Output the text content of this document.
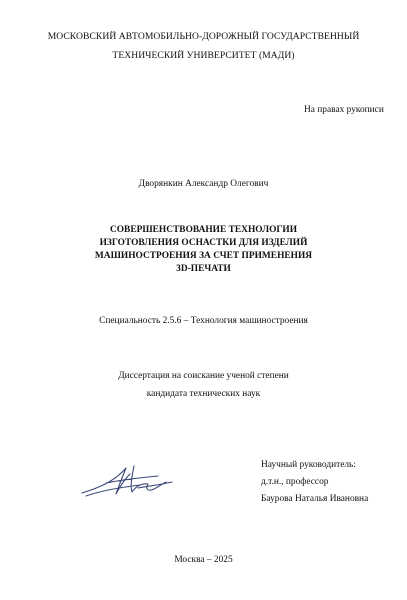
МОСКОВСКИЙ АВТОМОБИЛЬНО-ДОРОЖНЫЙ ГОСУДАРСТВЕННЫЙ
ТЕХНИЧЕСКИЙ УНИВЕРСИТЕТ (МАДИ)
На правах рукописи
Дворянкин Александр Олегович
СОВЕРШЕНСТВОВАНИЕ ТЕХНОЛОГИИ
ИЗГОТОВЛЕНИЯ ОСНАСТКИ ДЛЯ ИЗДЕЛИЙ
МАШИНОСТРОЕНИЯ ЗА СЧЕТ ПРИМЕНЕНИЯ
3D-ПЕЧАТИ
Специальность 2.5.6 – Технология машиностроения
Диссертация на соискание ученой степени
кандидата технических наук
Научный руководитель:
д.т.н., профессор
Баурова Наталья Ивановна
Москва – 2025
